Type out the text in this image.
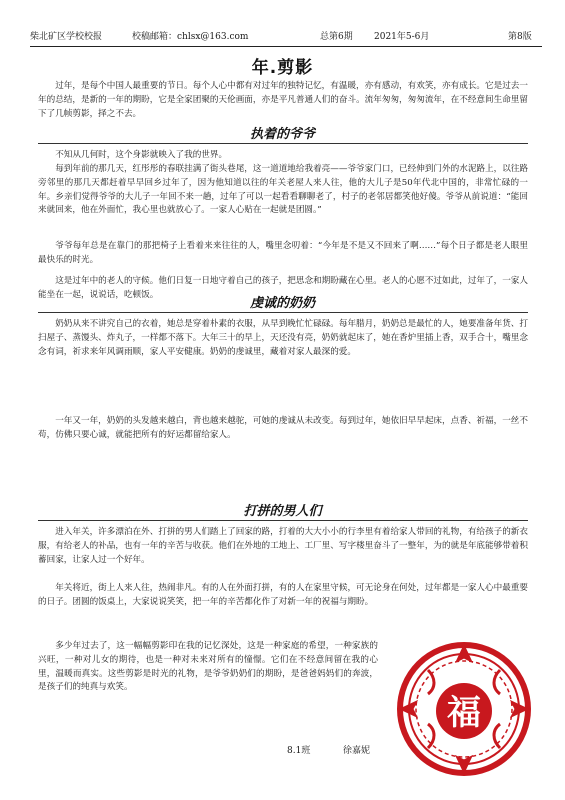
柴北矿区学校校报	校稿邮箱：chlsx@163.com	总第6期 2021年5-6月	第8版
年.剪影

过年，是每个中国人最重要的节日。每个人心中都有对过年的独特记忆，有温暖，亦有感动，有欢笑，亦有成长。它是过去一年的总结，是新的一年的期盼，它是全家团聚的天伦画面，亦是平凡普通人们的奋斗。流年匆匆，匆匆流年，在不经意间生命里留下了几帧剪影，择之不去。

执着的爷爷

不知从几何时，这个身影就映入了我的世界。

每到年前的那几天，红彤彤的春联挂满了街头巷尾，这一道道地给我着亮——爷爷家门口，已经伸到门外的水泥路上，以往路旁邻里的那几天都赶着早早回乡过年了，因为他知道以往的年关老屋人来人往，他的大儿子是50年代北中国的，非常忙碌的一年。乡亲们觉得爷爷的大儿子一年回不来一趟，过年了可以一起看看聊聊老了，村子的老邻居都笑他好傻。爷爷从前说道：“能回来就回来，他在外面忙，我心里也就放心了。一家人心贴在一起就是团圆。”

爷爷每年总是在靠门的那把椅子上看着来来往往的人，嘴里念叨着：“今年是不是又不回来了啊……”每个日子都是老人眼里最快乐的时光。

这是过年中的老人的守候。他们日复一日地守着自己的孩子，把思念和期盼藏在心里。老人的心愿不过如此，过年了，一家人能坐在一起，说说话，吃顿饭。

虔诚的奶奶

奶奶从来不讲究自己的衣着，她总是穿着朴素的衣服，从早到晚忙忙碌碌。每年腊月，奶奶总是最忙的人，她要准备年货、打扫屋子、蒸馒头、炸丸子，一样都不落下。大年三十的早上，天还没有亮，奶奶就起床了，她在香炉里插上香，双手合十，嘴里念念有词，祈求来年风调雨顺，家人平安健康。奶奶的虔诚里，藏着对家人最深的爱。

一年又一年，奶奶的头发越来越白，背也越来越驼，可她的虔诚从未改变。每到过年，她依旧早早起床，点香、祈福，一丝不苟，仿佛只要心诚，就能把所有的好运都留给家人。

打拼的男人们

进入年关，许多漂泊在外、打拼的男人们踏上了回家的路，打着的大大小小的行李里有着给家人带回的礼物，有给孩子的新衣服，有给老人的补品，也有一年的辛苦与收获。他们在外地的工地上、工厂里、写字楼里奋斗了一整年，为的就是年底能够带着积蓄回家，让家人过一个好年。

年关将近，街上人来人往，热闹非凡。有的人在外面打拼，有的人在家里守候，可无论身在何处，过年都是一家人心中最重要的日子。团圆的饭桌上，大家说说笑笑，把一年的辛苦都化作了对新一年的祝福与期盼。

多少年过去了，这一幅幅剪影印在我的记忆深处，这是一种家庭的希望，一种家族的兴旺，一种对儿女的期待，也是一种对未来对所有的憧憬。它们在不经意间留在我的心里，温暖而真实。这些剪影是时光的礼物，是爷爷奶奶们的期盼，是爸爸妈妈们的奔波，是孩子们的纯真与欢笑。

8.1班	徐嘉妮
福
